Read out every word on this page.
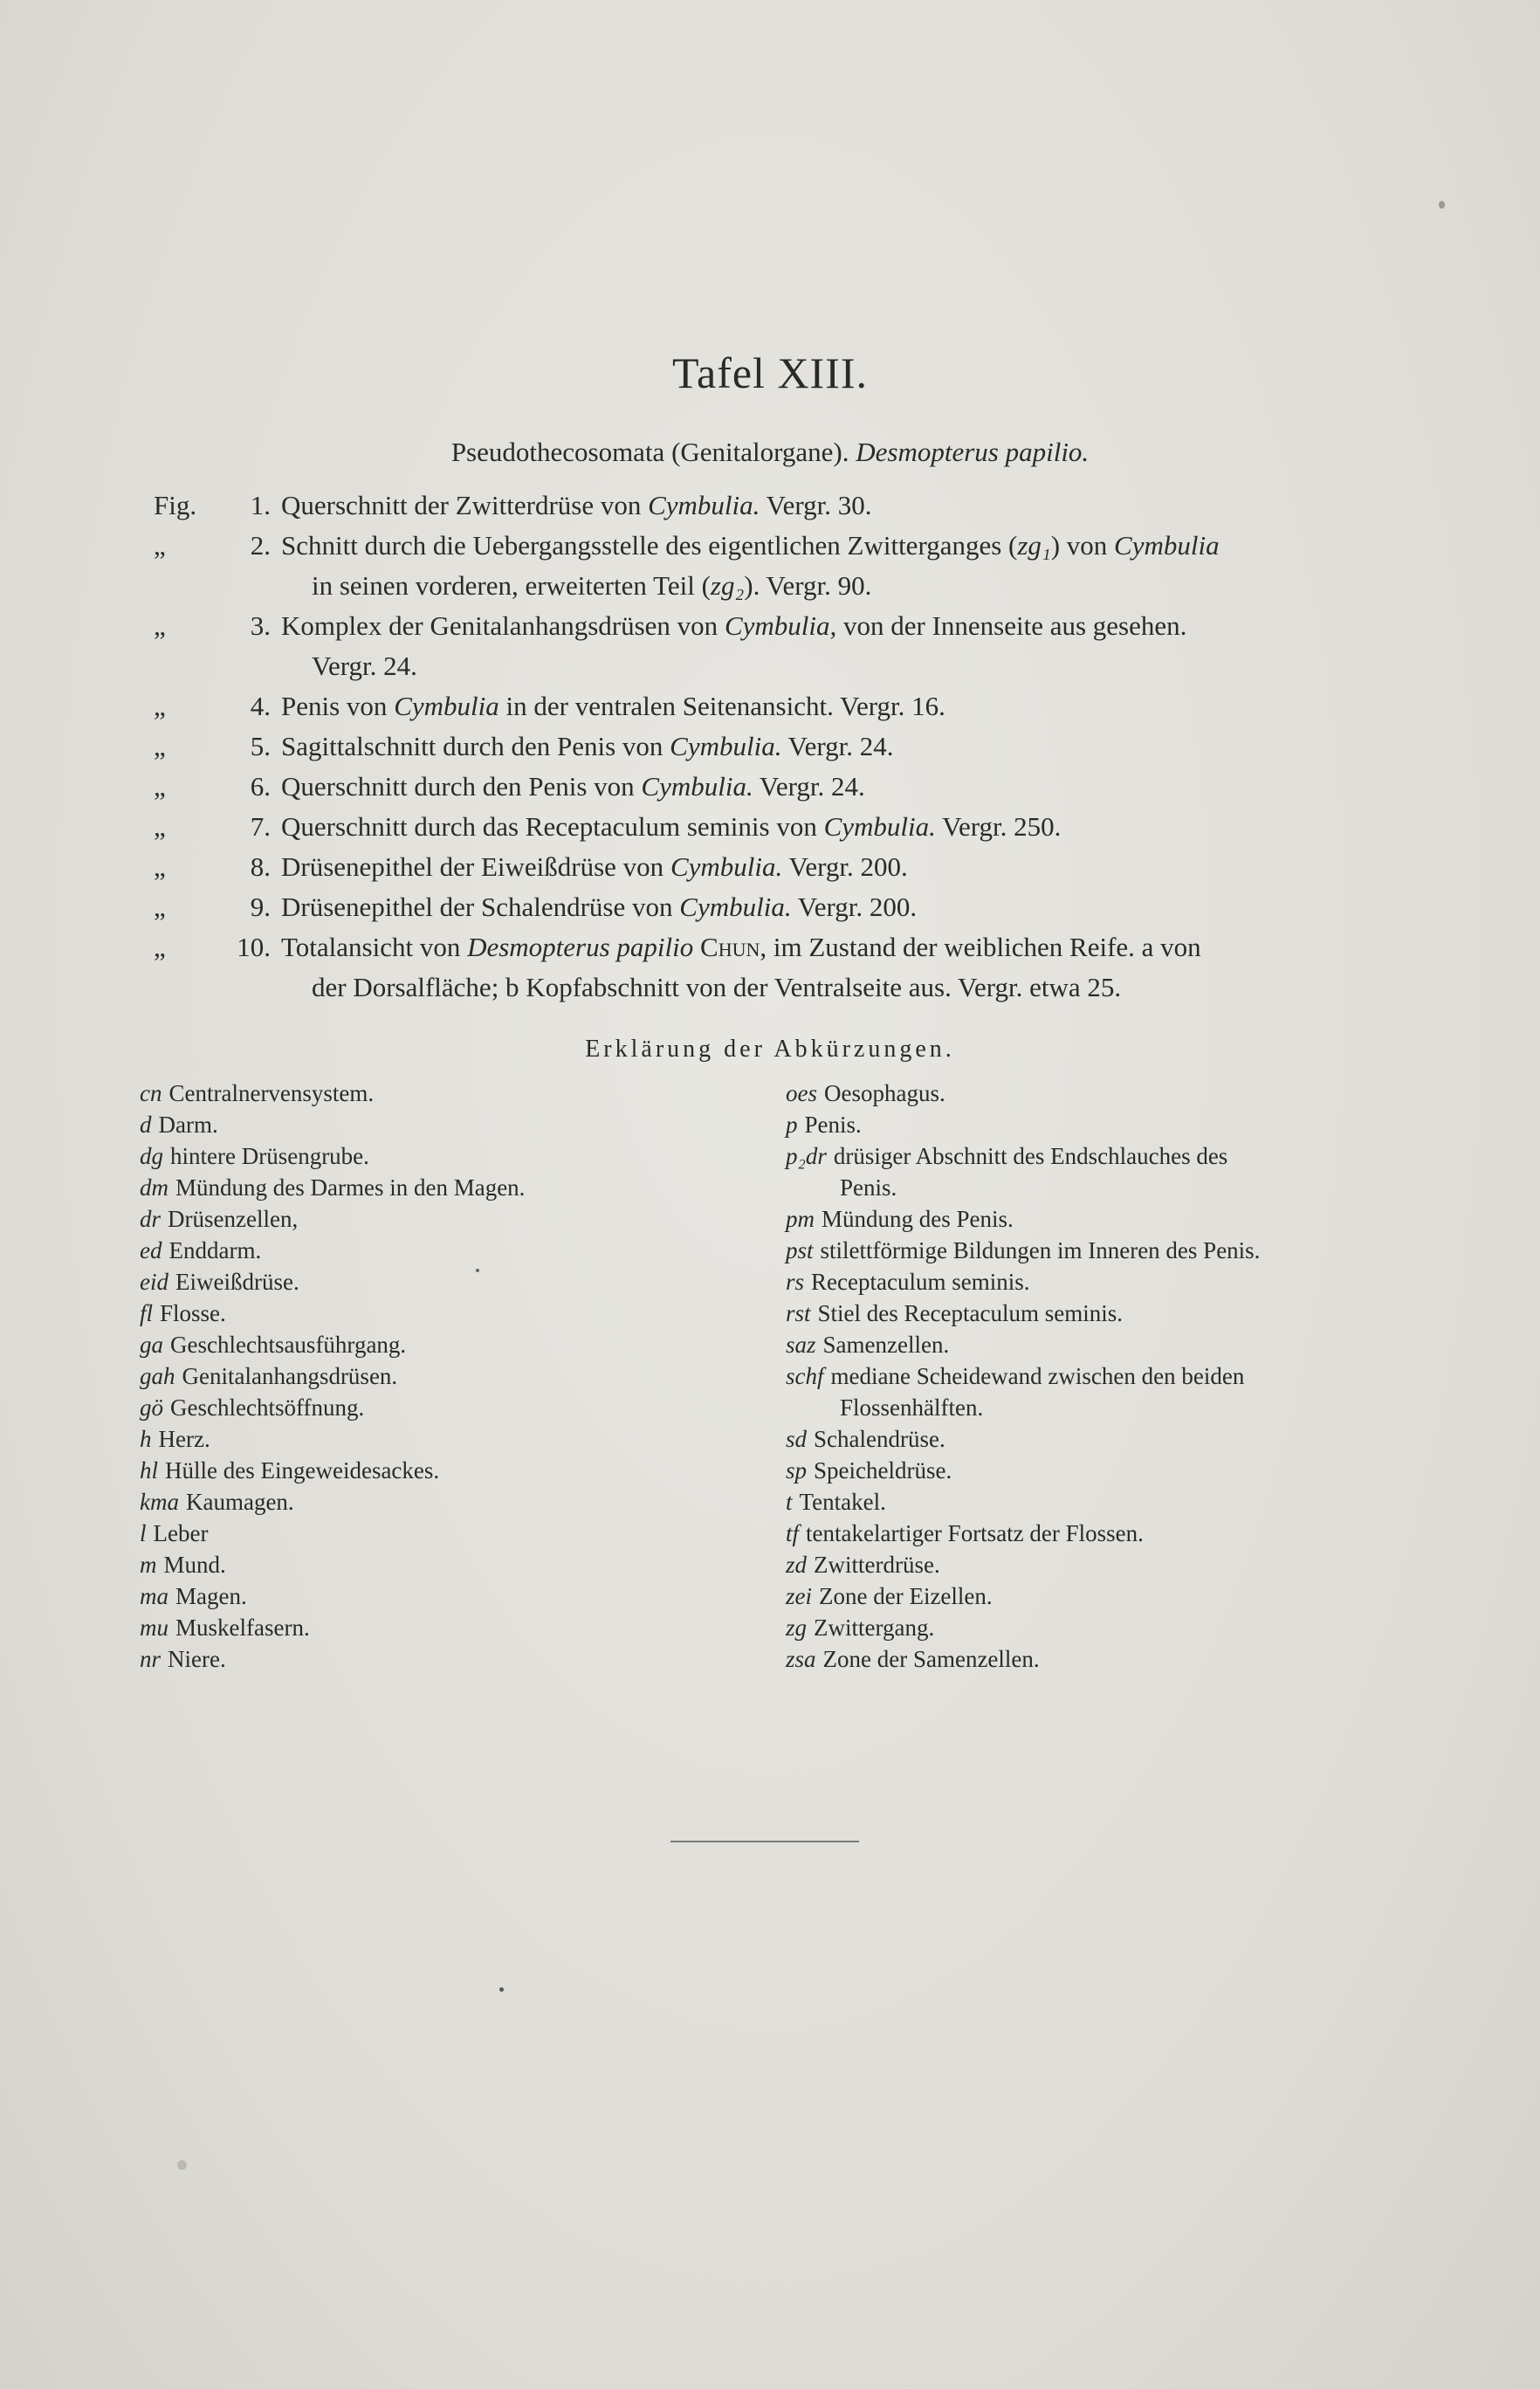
Tafel XIII.
Pseudothecosomata (Genitalorgane). Desmopterus papilio.
Fig.	1. Querschnitt der Zwitterdrüse von Cymbulia. Vergr. 30.
„	2. Schnitt durch die Uebergangsstelle des eigentlichen Zwitterganges (zg₁) von Cymbulia
in seinen vorderen, erweiterten Teil (zg₂). Vergr. 90.
„	3. Komplex der Genitalanhangsdrüsen von Cymbulia, von der Innenseite aus gesehen.
Vergr. 24.
„	4. Penis von Cymbulia in der ventralen Seitenansicht. Vergr. 16.
„	5. Sagittalschnitt durch den Penis von Cymbulia. Vergr. 24.
„	6. Querschnitt durch den Penis von Cymbulia. Vergr. 24.
„	7. Querschnitt durch das Receptaculum seminis von Cymbulia. Vergr. 250.
„	8. Drüsenepithel der Eiweißdrüse von Cymbulia. Vergr. 200.
„	9. Drüsenepithel der Schalendrüse von Cymbulia. Vergr. 200.
„	10. Totalansicht von Desmopterus papilio Chun, im Zustand der weiblichen Reife. a von
der Dorsalfläche; b Kopfabschnitt von der Ventralseite aus. Vergr. etwa 25.
Erklärung der Abkürzungen.
cn Centralnervensystem.
d Darm.
dg hintere Drüsengrube.
dm Mündung des Darmes in den Magen.
dr Drüsenzellen,
ed Enddarm.
eid Eiweißdrüse.
fl Flosse.
ga Geschlechtsausführgang.
gah Genitalanhangsdrüsen.
gö Geschlechtsöffnung.
h Herz.
hl Hülle des Eingeweidesackes.
kma Kaumagen.
l Leber
m Mund.
ma Magen.
mu Muskelfasern.
nr Niere.
oes Oesophagus.
p Penis.
p₂dr drüsiger Abschnitt des Endschlauches des
Penis.
pm Mündung des Penis.
pst stilettförmige Bildungen im Inneren des Penis.
rs Receptaculum seminis.
rst Stiel des Receptaculum seminis.
saz Samenzellen.
schf mediane Scheidewand zwischen den beiden
Flossenhälften.
sd Schalendrüse.
sp Speicheldrüse.
t Tentakel.
tf tentakelartiger Fortsatz der Flossen.
zd Zwitterdrüse.
zei Zone der Eizellen.
zg Zwittergang.
zsa Zone der Samenzellen.
